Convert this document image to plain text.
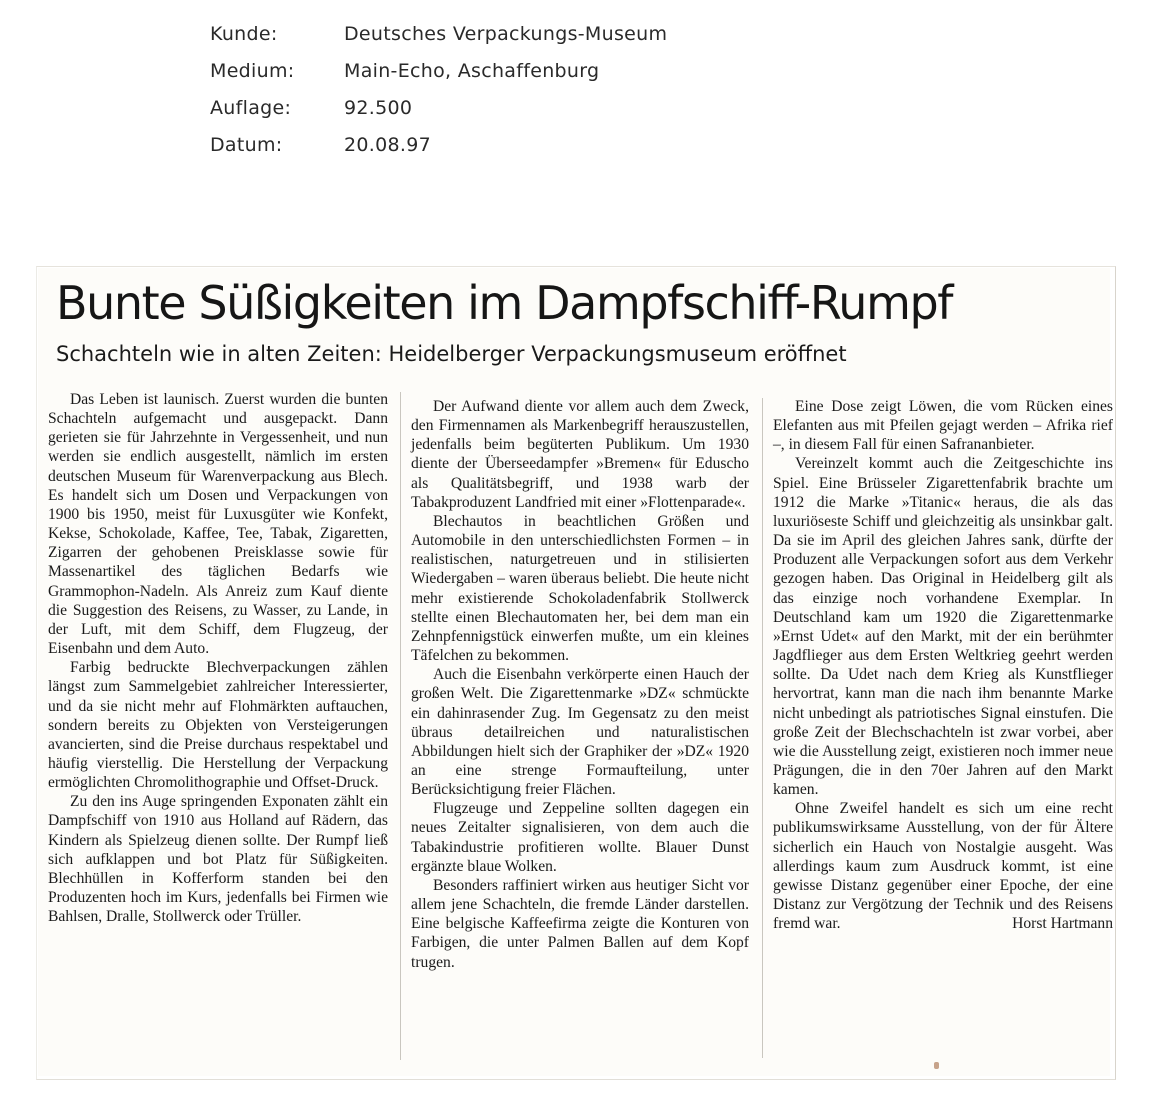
Kunde:	Deutsches Verpackungs-Museum
Medium:	Main-Echo, Aschaffenburg
Auflage:	92.500
Datum:	20.08.97
Bunte Süßigkeiten im Dampfschiff-Rumpf
Schachteln wie in alten Zeiten: Heidelberger Verpackungsmuseum eröffnet

Das Leben ist launisch. Zuerst wurden die bunten Schachteln aufgemacht und ausgepackt. Dann gerieten sie für Jahrzehnte in Vergessenheit, und nun werden sie endlich ausgestellt, nämlich im ersten deutschen Museum für Warenverpackung aus Blech. Es handelt sich um Dosen und Verpackungen von 1900 bis 1950, meist für Luxusgüter wie Konfekt, Kekse, Schokolade, Kaffee, Tee, Tabak, Zigaretten, Zigarren der gehobenen Preisklasse sowie für Massenartikel des täglichen Bedarfs wie Grammophon-Nadeln. Als Anreiz zum Kauf diente die Suggestion des Reisens, zu Wasser, zu Lande, in der Luft, mit dem Schiff, dem Flugzeug, der Eisenbahn und dem Auto.

Farbig bedruckte Blechverpackungen zählen längst zum Sammelgebiet zahlreicher Interessierter, und da sie nicht mehr auf Flohmärkten auftauchen, sondern bereits zu Objekten von Versteigerungen avancierten, sind die Preise durchaus respektabel und häufig vierstellig. Die Herstellung der Verpackung ermöglichten Chromolithographie und Offset-Druck.

Zu den ins Auge springenden Exponaten zählt ein Dampfschiff von 1910 aus Holland auf Rädern, das Kindern als Spielzeug dienen sollte. Der Rumpf ließ sich aufklappen und bot Platz für Süßigkeiten. Blechhüllen in Kofferform standen bei den Produzenten hoch im Kurs, jedenfalls bei Firmen wie Bahlsen, Dralle, Stollwerck oder Trüller.

Der Aufwand diente vor allem auch dem Zweck, den Firmennamen als Markenbegriff herauszustellen, jedenfalls beim begüterten Publikum. Um 1930 diente der Überseedampfer »Bremen« für Eduscho als Qualitätsbegriff, und 1938 warb der Tabakproduzent Landfried mit einer »Flottenparade«.

Blechautos in beachtlichen Größen und Automobile in den unterschiedlichsten Formen – in realistischen, naturgetreuen und in stilisierten Wiedergaben – waren überaus beliebt. Die heute nicht mehr existierende Schokoladenfabrik Stollwerck stellte einen Blechautomaten her, bei dem man ein Zehnpfennigstück einwerfen mußte, um ein kleines Täfelchen zu bekommen.

Auch die Eisenbahn verkörperte einen Hauch der großen Welt. Die Zigarettenmarke »DZ« schmückte ein dahinrasender Zug. Im Gegensatz zu den meist übraus detailreichen und naturalistischen Abbildungen hielt sich der Graphiker der »DZ« 1920 an eine strenge Formaufteilung, unter Berücksichtigung freier Flächen.

Flugzeuge und Zeppeline sollten dagegen ein neues Zeitalter signalisieren, von dem auch die Tabakindustrie profitieren wollte. Blauer Dunst ergänzte blaue Wolken.

Besonders raffiniert wirken aus heutiger Sicht vor allem jene Schachteln, die fremde Länder darstellen. Eine belgische Kaffeefirma zeigte die Konturen von Farbigen, die unter Palmen Ballen auf dem Kopf trugen.

Eine Dose zeigt Löwen, die vom Rücken eines Elefanten aus mit Pfeilen gejagt werden – Afrika rief –, in diesem Fall für einen Safrananbieter.

Vereinzelt kommt auch die Zeitgeschichte ins Spiel. Eine Brüsseler Zigarettenfabrik brachte um 1912 die Marke »Titanic« heraus, die als das luxuriöseste Schiff und gleichzeitig als unsinkbar galt. Da sie im April des gleichen Jahres sank, dürfte der Produzent alle Verpackungen sofort aus dem Verkehr gezogen haben. Das Original in Heidelberg gilt als das einzige noch vorhandene Exemplar. In Deutschland kam um 1920 die Zigarettenmarke »Ernst Udet« auf den Markt, mit der ein berühmter Jagdflieger aus dem Ersten Weltkrieg geehrt werden sollte. Da Udet nach dem Krieg als Kunstflieger hervortrat, kann man die nach ihm benannte Marke nicht unbedingt als patriotisches Signal einstufen. Die große Zeit der Blechschachteln ist zwar vorbei, aber wie die Ausstellung zeigt, existieren noch immer neue Prägungen, die in den 70er Jahren auf den Markt kamen.

Ohne Zweifel handelt es sich um eine recht publikumswirksame Ausstellung, von der für Ältere sicherlich ein Hauch von Nostalgie ausgeht. Was allerdings kaum zum Ausdruck kommt, ist eine gewisse Distanz gegenüber einer Epoche, der eine Distanz zur Vergötzung der Technik und des Reisens fremd war.	Horst Hartmann
